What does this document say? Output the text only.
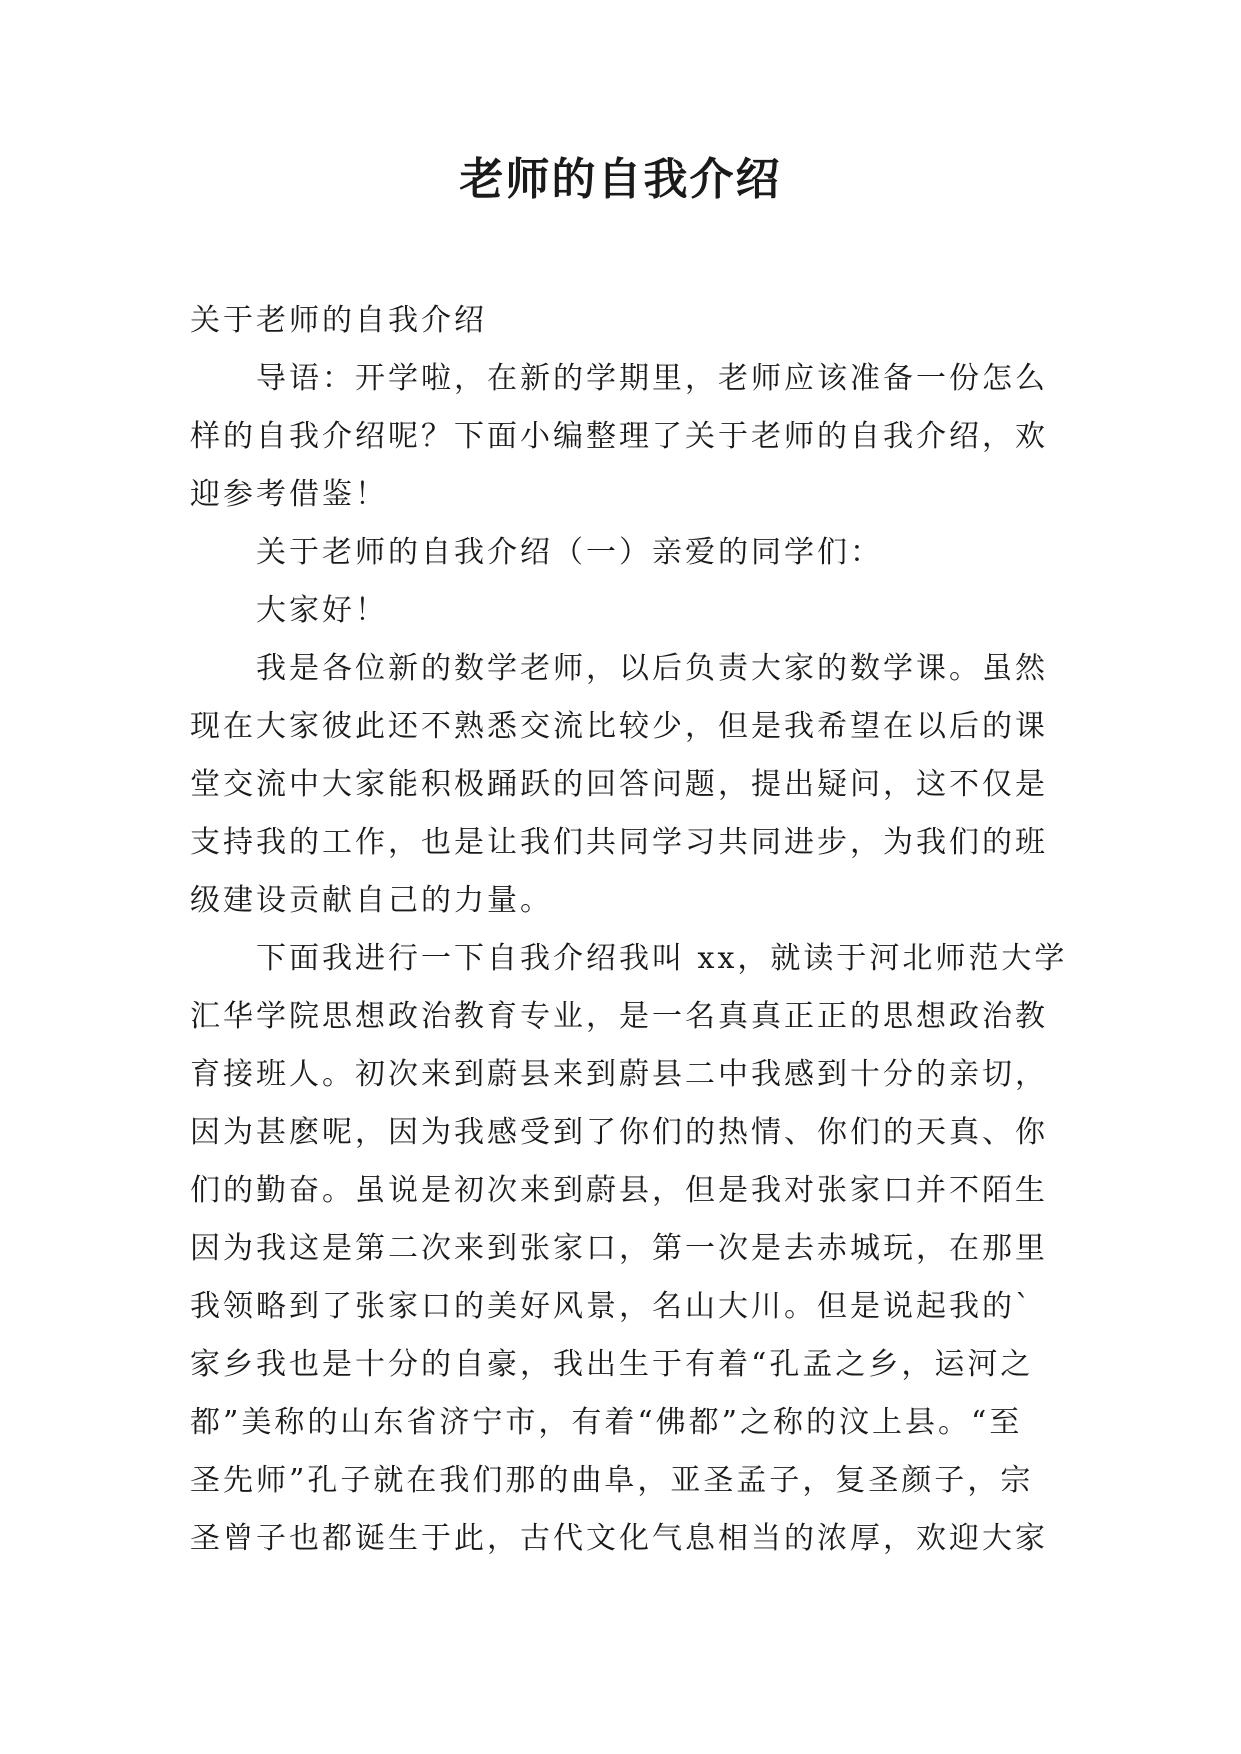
老师的自我介绍
关于老师的自我介绍
导语：开学啦，在新的学期里，老师应该准备一份怎么
样的自我介绍呢？下面小编整理了关于老师的自我介绍，欢
迎参考借鉴！
关于老师的自我介绍（一）亲爱的同学们：
大家好！
我是各位新的数学老师，以后负责大家的数学课。虽然
现在大家彼此还不熟悉交流比较少，但是我希望在以后的课
堂交流中大家能积极踊跃的回答问题，提出疑问，这不仅是
支持我的工作，也是让我们共同学习共同进步，为我们的班
级建设贡献自己的力量。
下面我进行一下自我介绍我叫 xx，就读于河北师范大学
汇华学院思想政治教育专业，是一名真真正正的思想政治教
育接班人。初次来到蔚县来到蔚县二中我感到十分的亲切，
因为甚麽呢，因为我感受到了你们的热情、你们的天真、你
们的勤奋。虽说是初次来到蔚县，但是我对张家口并不陌生
因为我这是第二次来到张家口，第一次是去赤城玩，在那里
我领略到了张家口的美好风景，名山大川。但是说起我的`
家乡我也是十分的自豪，我出生于有着“孔孟之乡，运河之
都”美称的山东省济宁市，有着“佛都”之称的汶上县。“至
圣先师”孔子就在我们那的曲阜，亚圣孟子，复圣颜子，宗
圣曾子也都诞生于此，古代文化气息相当的浓厚，欢迎大家
